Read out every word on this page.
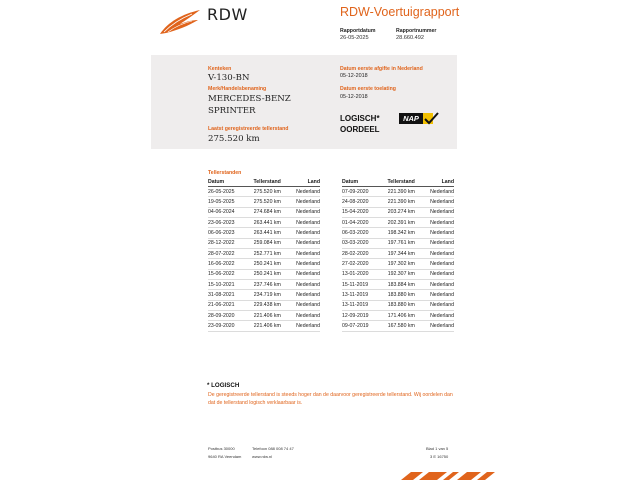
RDW	RDW-Voertuigrapport
Rapportdatum
26-05-2025
Rapportnummer
28.660.492
Kenteken
V-130-BN
Merk/Handelsbenaming
MERCEDES-BENZ
SPRINTER
Laatst geregistreerde tellerstand
275.520 km
Datum eerste afgifte in Nederland
05-12-2018
Datum eerste toelating
05-12-2018
LOGISCH*
OORDEEL
NAP
Tellerstanden
Datum	Tellerstand	Land
26-05-2025	275.520 km	Nederland
19-05-2025	275.520 km	Nederland
04-06-2024	274.684 km	Nederland
23-06-2023	263.441 km	Nederland
06-06-2023	263.441 km	Nederland
28-12-2022	259.084 km	Nederland
28-07-2022	252.771 km	Nederland
16-06-2022	250.241 km	Nederland
15-06-2022	250.241 km	Nederland
15-10-2021	237.746 km	Nederland
31-08-2021	234.719 km	Nederland
21-06-2021	229.438 km	Nederland
28-09-2020	221.406 km	Nederland
23-09-2020	221.406 km	Nederland
Datum	Tellerstand	Land
07-09-2020	221.390 km	Nederland
24-08-2020	221.390 km	Nederland
15-04-2020	203.274 km	Nederland
01-04-2020	202.391 km	Nederland
06-03-2020	198.342 km	Nederland
03-03-2020	197.761 km	Nederland
28-02-2020	197.344 km	Nederland
27-02-2020	197.302 km	Nederland
13-01-2020	192.307 km	Nederland
15-11-2019	183.884 km	Nederland
13-11-2019	183.880 km	Nederland
13-11-2019	183.880 km	Nederland
12-09-2019	171.406 km	Nederland
09-07-2019	167.580 km	Nederland
* LOGISCH
De geregistreerde tellerstand is steeds hoger dan de daarvoor geregistreerde tellerstand. Wij oordelen dan
dat de tellerstand logisch verklaarbaar is.
Postbus 30000
9640 RA Veendam
Telefoon 088 008 74 47
www.rdw.nl
Blad 1 van 5
3 E 16750
